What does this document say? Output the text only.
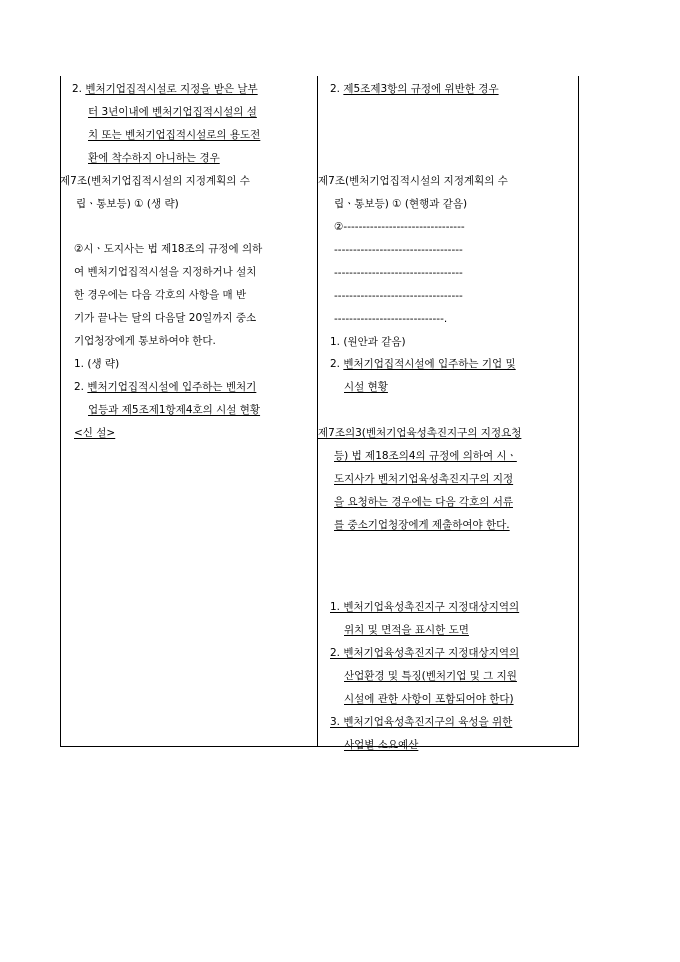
2. 벤처기업집적시설로 지정을 받은 날부
터 3년이내에 벤처기업집적시설의 설
치 또는 벤처기업집적시설로의 용도전
환에 착수하지 아니하는 경우
제7조(벤처기업집적시설의 지정계획의 수
립ㆍ통보등) ① (생 략)
②시ㆍ도지사는 법 제18조의 규정에 의하
여 벤처기업집적시설을 지정하거나 설치
한 경우에는 다음 각호의 사항을 매 반
기가 끝나는 달의 다음달 20일까지 중소
기업청장에게 통보하여야 한다.
1. (생 략)
2. 벤처기업집적시설에 입주하는 벤처기
업등과 제5조제1항제4호의 시설 현황
<신 설>
2. 제5조제3항의 규정에 위반한 경우
제7조(벤처기업집적시설의 지정계획의 수
립ㆍ통보등) ① (현행과 같음)
②--------------------------------
----------------------------------
----------------------------------
----------------------------------
-----------------------------.
1. (원안과 같음)
2. 벤처기업집적시설에 입주하는 기업 및
시설 현황
제7조의3(벤처기업육성촉진지구의 지정요청
등) 법 제18조의4의 규정에 의하여 시ㆍ
도지사가 벤처기업육성촉진지구의 지정
을 요청하는 경우에는 다음 각호의 서류
를 중소기업청장에게 제출하여야 한다.
1. 벤처기업육성촉진지구 지정대상지역의
위치 및 면적을 표시한 도면
2. 벤처기업육성촉진지구 지정대상지역의
산업환경 및 특징(벤처기업 및 그 지원
시설에 관한 사항이 포함되어야 한다)
3. 벤처기업육성촉진지구의 육성을 위한
사업별 소요예산
